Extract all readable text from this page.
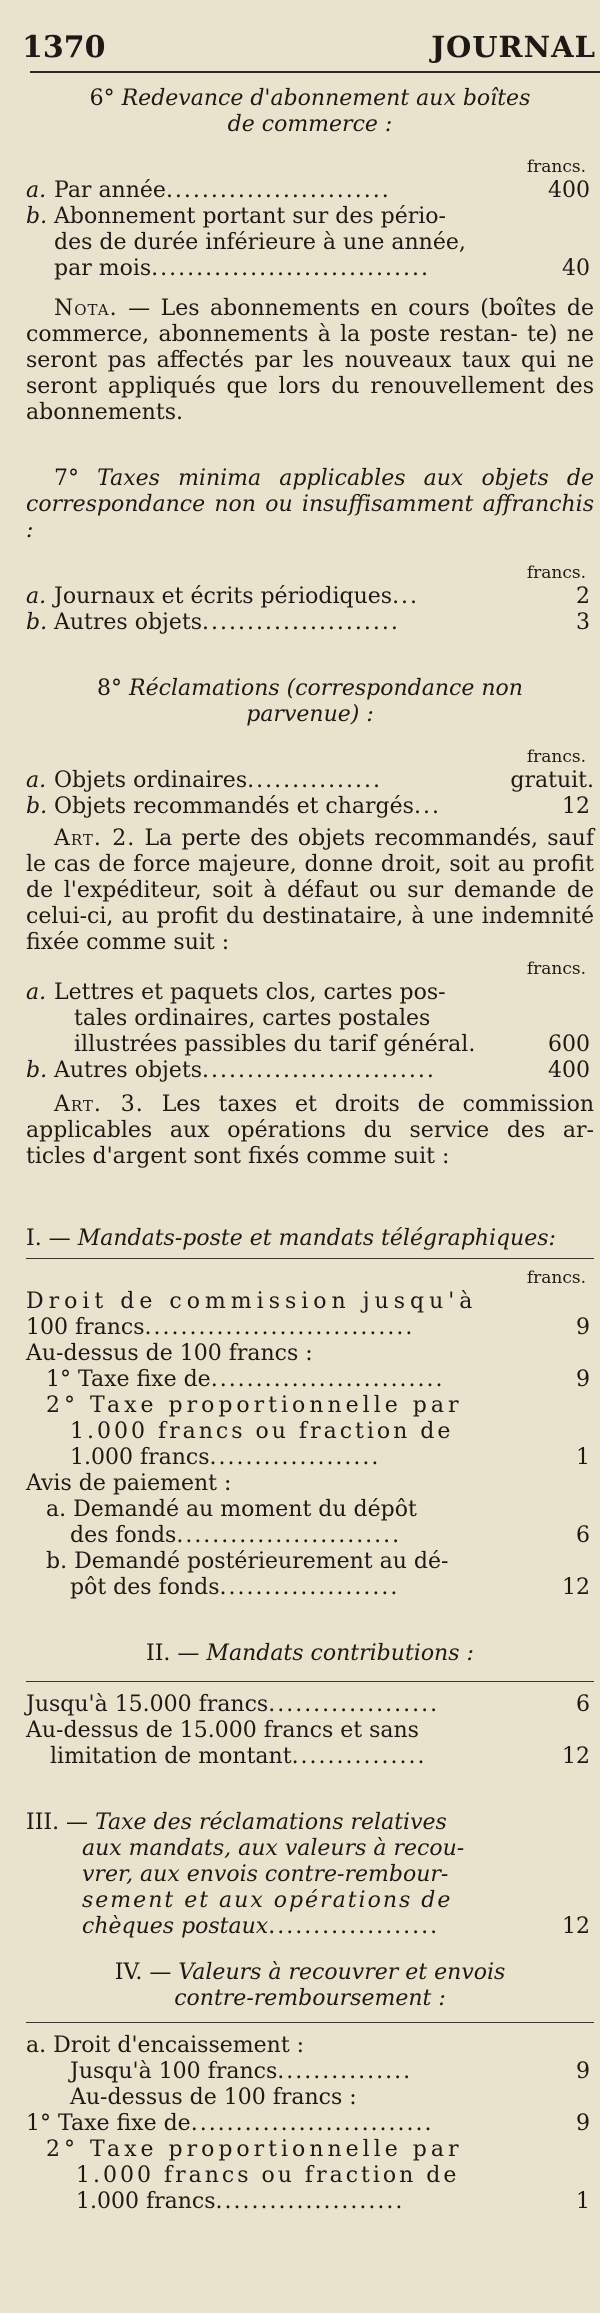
1370	JOURNAL
6° Redevance d'abonnement aux boîtes
de commerce :
francs.
a. Par année.........................	400
b. Abonnement portant sur des pério-
des de durée inférieure à une année,
par mois...............................	40
Nota. — Les abonnements en cours (boîtes de commerce, abonnements à la poste restan- te) ne seront pas affectés par les nouveaux taux qui ne seront appliqués que lors du renouvellement des abonnements.
7° Taxes minima applicables aux objets de correspondance non ou insuffisamment affranchis :
francs.
a. Journaux et écrits périodiques...	2
b. Autres objets......................	3
8° Réclamations (correspondance non
parvenue) :
francs.
a. Objets ordinaires...............	gratuit.
b. Objets recommandés et chargés...	12
Art. 2. La perte des objets recommandés, sauf le cas de force majeure, donne droit, soit au profit de l'expéditeur, soit à défaut ou sur demande de celui-ci, au profit du destinataire, à une indemnité fixée comme suit :
francs.
a. Lettres et paquets clos, cartes pos-
tales ordinaires, cartes postales
illustrées passibles du tarif général.	600
b. Autres objets..........................	400
Art. 3. Les taxes et droits de commission applicables aux opérations du service des ar- ticles d'argent sont fixés comme suit :
I. — Mandats-poste et mandats télégraphiques:
francs.
Droit de commission jusqu'à
100 francs..............................	9
Au-dessus de 100 francs :
1° Taxe fixe de..........................	9
2° Taxe proportionnelle par
1.000 francs ou fraction de
1.000 francs...................	1
Avis de paiement :
a. Demandé au moment du dépôt
des fonds.........................	6
b. Demandé postérieurement au dé-
pôt des fonds....................	12
II. — Mandats contributions :
Jusqu'à 15.000 francs...................	6
Au-dessus de 15.000 francs et sans
limitation de montant...............	12
III. — Taxe des réclamations relatives
aux mandats, aux valeurs à recou-
vrer, aux envois contre-rembour-
sement et aux opérations de
chèques postaux...................	12
IV. — Valeurs à recouvrer et envois
contre-remboursement :
a. Droit d'encaissement :
Jusqu'à 100 francs...............	9
Au-dessus de 100 francs :
1° Taxe fixe de...........................	9
2° Taxe proportionnelle par
1.000 francs ou fraction de
1.000 francs.....................	1
